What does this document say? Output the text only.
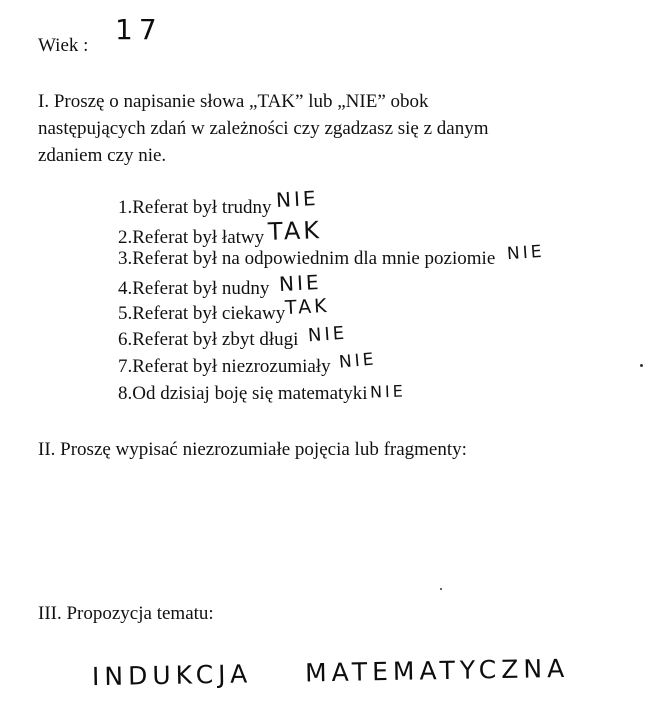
Wiek : 17
I. Proszę o napisanie słowa „TAK” lub „NIE” obok
następujących zdań w zależności czy zgadzasz się z danym
zdaniem czy nie.
1.Referat był trudny NIE
2.Referat był łatwy TAK
3.Referat był na odpowiednim dla mnie poziomie NIE
4.Referat był nudny NIE
5.Referat był ciekawyTAK
6.Referat był zbyt długi NIE
7.Referat był niezrozumiały NIE
8.Od dzisiaj boję się matematyki NIE
II. Proszę wypisać niezrozumiałe pojęcia lub fragmenty:
III. Propozycja tematu:
INDUKCJA MATEMATYCZNA
